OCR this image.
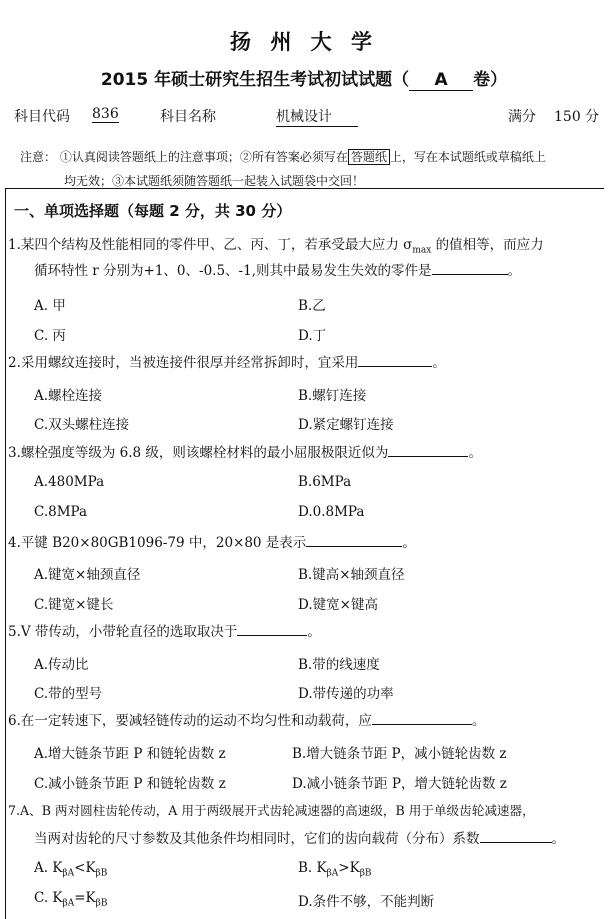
扬 州 大 学
2015 年硕士研究生招生考试初试试题（ A 卷）
科目代码 836	科目名称	机械设计	满分 150 分
注意： ①认真阅读答题纸上的注意事项；②所有答案必须写在 答题纸 上，写在本试题纸或草稿纸上
均无效；③本试题纸须随答题纸一起装入试题袋中交回！
一、单项选择题（每题 2 分，共 30 分）
1.某四个结构及性能相同的零件甲、乙、丙、丁，若承受最大应力 $\sigma_{max}$ 的值相等，而应力
循环特性 r 分别为+1、0、-0.5、-1,则其中最易发生失效的零件是	。
A. 甲	B.乙
C. 丙	D.丁
2.采用螺纹连接时，当被连接件很厚并经常拆卸时，宜采用	。
A.螺栓连接	B.螺钉连接
C.双头螺柱连接	D.紧定螺钉连接
3.螺栓强度等级为 6.8 级，则该螺栓材料的最小屈服极限近似为	。
A.480MPa	B.6MPa
C.8MPa	D.0.8MPa
4.平键 B20×80GB1096-79 中，20×80 是表示	。
A.键宽×轴颈直径	B.键高×轴颈直径
C.键宽×键长	D.键宽×键高
5.V 带传动，小带轮直径的选取取决于	。
A.传动比	B.带的线速度
C.带的型号	D.带传递的功率
6.在一定转速下，要减轻链传动的运动不均匀性和动载荷，应	。
A.增大链条节距 P 和链轮齿数 z	B.增大链条节距 P，减小链轮齿数 z
C.减小链条节距 P 和链轮齿数 z	D.减小链条节距 P，增大链轮齿数 z
7.A、B 两对圆柱齿轮传动，A 用于两级展开式齿轮减速器的高速级，B 用于单级齿轮减速器，
当两对齿轮的尺寸参数及其他条件均相同时，它们的齿向载荷（分布）系数	。
A. $K_{\beta A}<K_{\beta B}$	B. $K_{\beta A}>K_{\beta B}$
C. $K_{\beta A}=K_{\beta B}$	D.条件不够，不能判断
